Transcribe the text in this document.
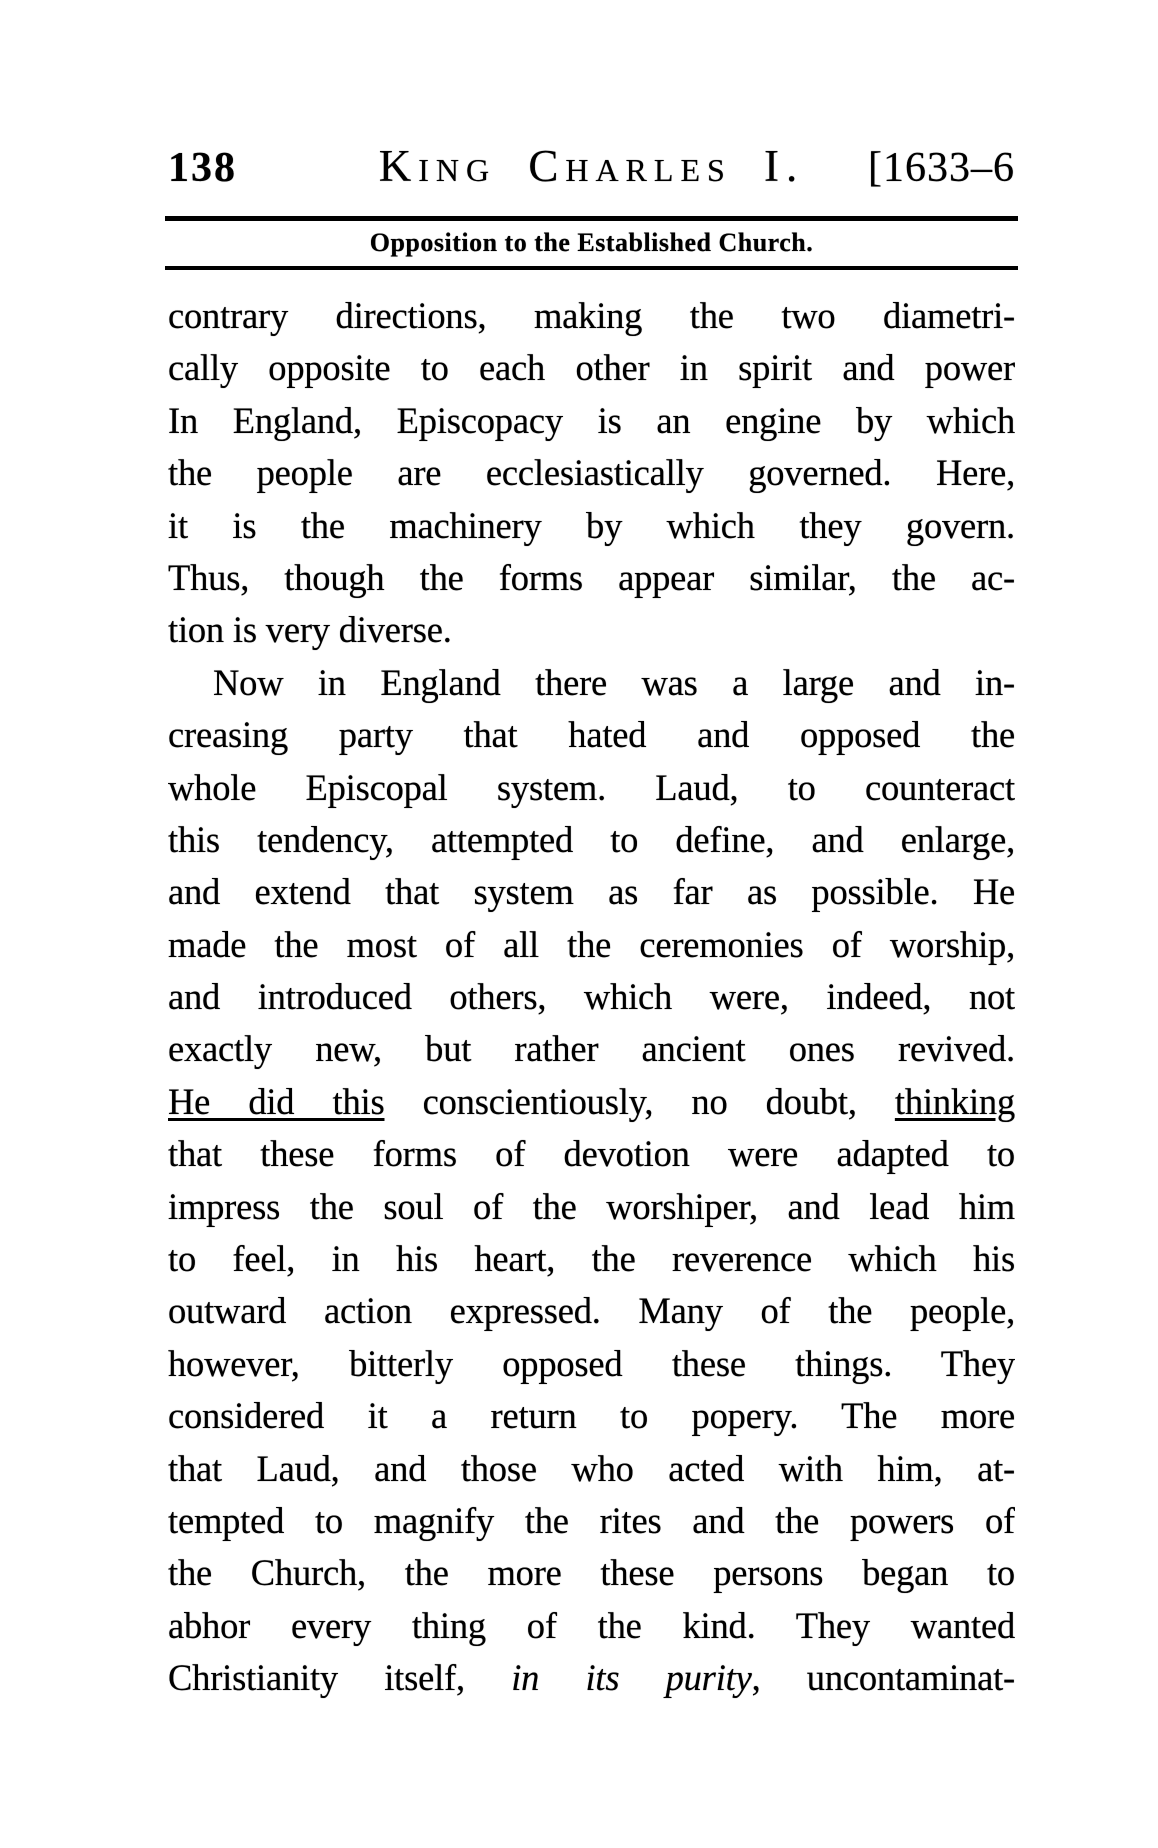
138	King Charles I. [1633–6
Opposition to the Established Church.
contrary directions, making the two diametri-
cally opposite to each other in spirit and power
In England, Episcopacy is an engine by which
the people are ecclesiastically governed. Here,
it is the machinery by which they govern.
Thus, though the forms appear similar, the ac-
tion is very diverse.
Now in England there was a large and in-
creasing party that hated and opposed the
whole Episcopal system. Laud, to counteract
this tendency, attempted to define, and enlarge,
and extend that system as far as possible. He
made the most of all the ceremonies of worship,
and introduced others, which were, indeed, not
exactly new, but rather ancient ones revived.
He did this conscientiously, no doubt, thinking
that these forms of devotion were adapted to
impress the soul of the worshiper, and lead him
to feel, in his heart, the reverence which his
outward action expressed. Many of the people,
however, bitterly opposed these things. They
considered it a return to popery. The more
that Laud, and those who acted with him, at-
tempted to magnify the rites and the powers of
the Church, the more these persons began to
abhor every thing of the kind. They wanted
Christianity itself, in its purity, uncontaminat-
